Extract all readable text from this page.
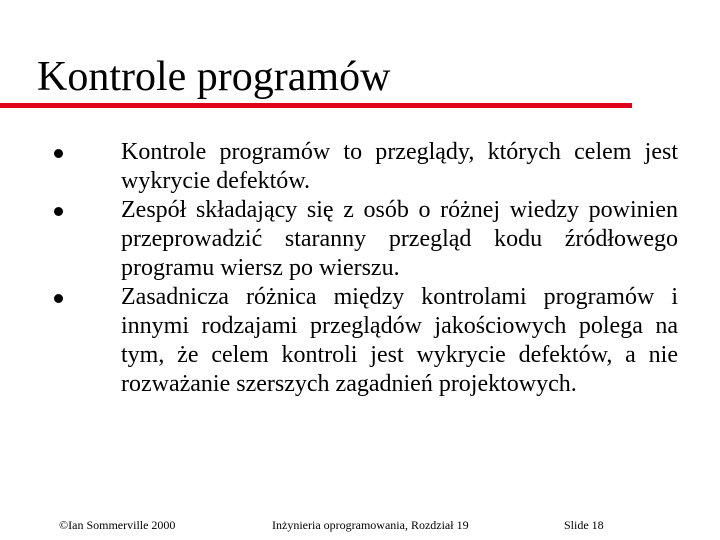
Kontrole programów
Kontrole programów to przeglądy, których celem jest wykrycie defektów.
Zespół składający się z osób o różnej wiedzy powinien przeprowadzić staranny przegląd kodu źródłowego programu wiersz po wierszu.
Zasadnicza różnica między kontrolami programów i innymi rodzajami przeglądów jakościowych polega na tym, że celem kontroli jest wykrycie defektów, a nie rozważanie szerszych zagadnień projektowych.
©Ian Sommerville 2000	Inżynieria oprogramowania, Rozdział 19	Slide 18
